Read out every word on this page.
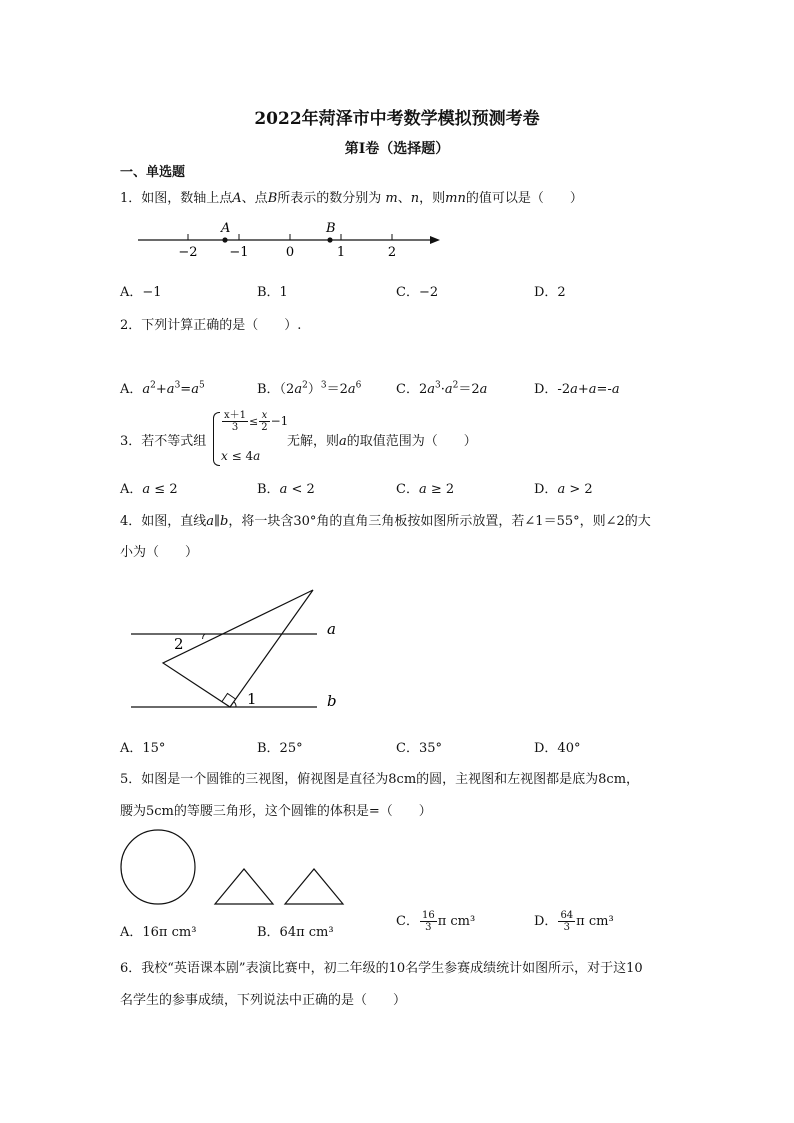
2022年菏泽市中考数学模拟预测考卷
第Ⅰ卷（选择题）
一、单选题
1．如图，数轴上点A、点B所表示的数分别为 m、n，则mn的值可以是（　　）
A	B
−2 −1	0	1	2
A．−1	B．1	C．−2	D．2
2．下列计算正确的是（　　）.
A．$a^2+a^3=a^5$	B．$(2a^2)^3=2a^6$	C．$2a^3\cdot a^2=2a$	D．-2a+a=-a
3．若不等式组
$\frac{x+1}{3} \le \frac{x}{2} -1$
x ≤ 4a
无解，则a的取值范围为（　　）
A．a ≤ 2	B．a < 2	C．a ≥ 2	D．a > 2
4．如图，直线a∥b，将一块含30°角的直角三角板按如图所示放置，若∠1＝55°，则∠2的大
小为（　　）
2
1
a
b
A．15°	B．25°	C．35°	D．40°
5．如图是一个圆锥的三视图，俯视图是直径为8cm的圆，主视图和左视图都是底为8cm，
腰为5cm的等腰三角形，这个圆锥的体积是=（　　）
A．16π cm³	B．64π cm³
C． $\frac{16}{3}$ π cm³	D． $\frac{64}{3}$ π cm³
6．我校“英语课本剧”表演比赛中，初二年级的10名学生参赛成绩统计如图所示，对于这10
名学生的参事成绩，下列说法中正确的是（　　）
